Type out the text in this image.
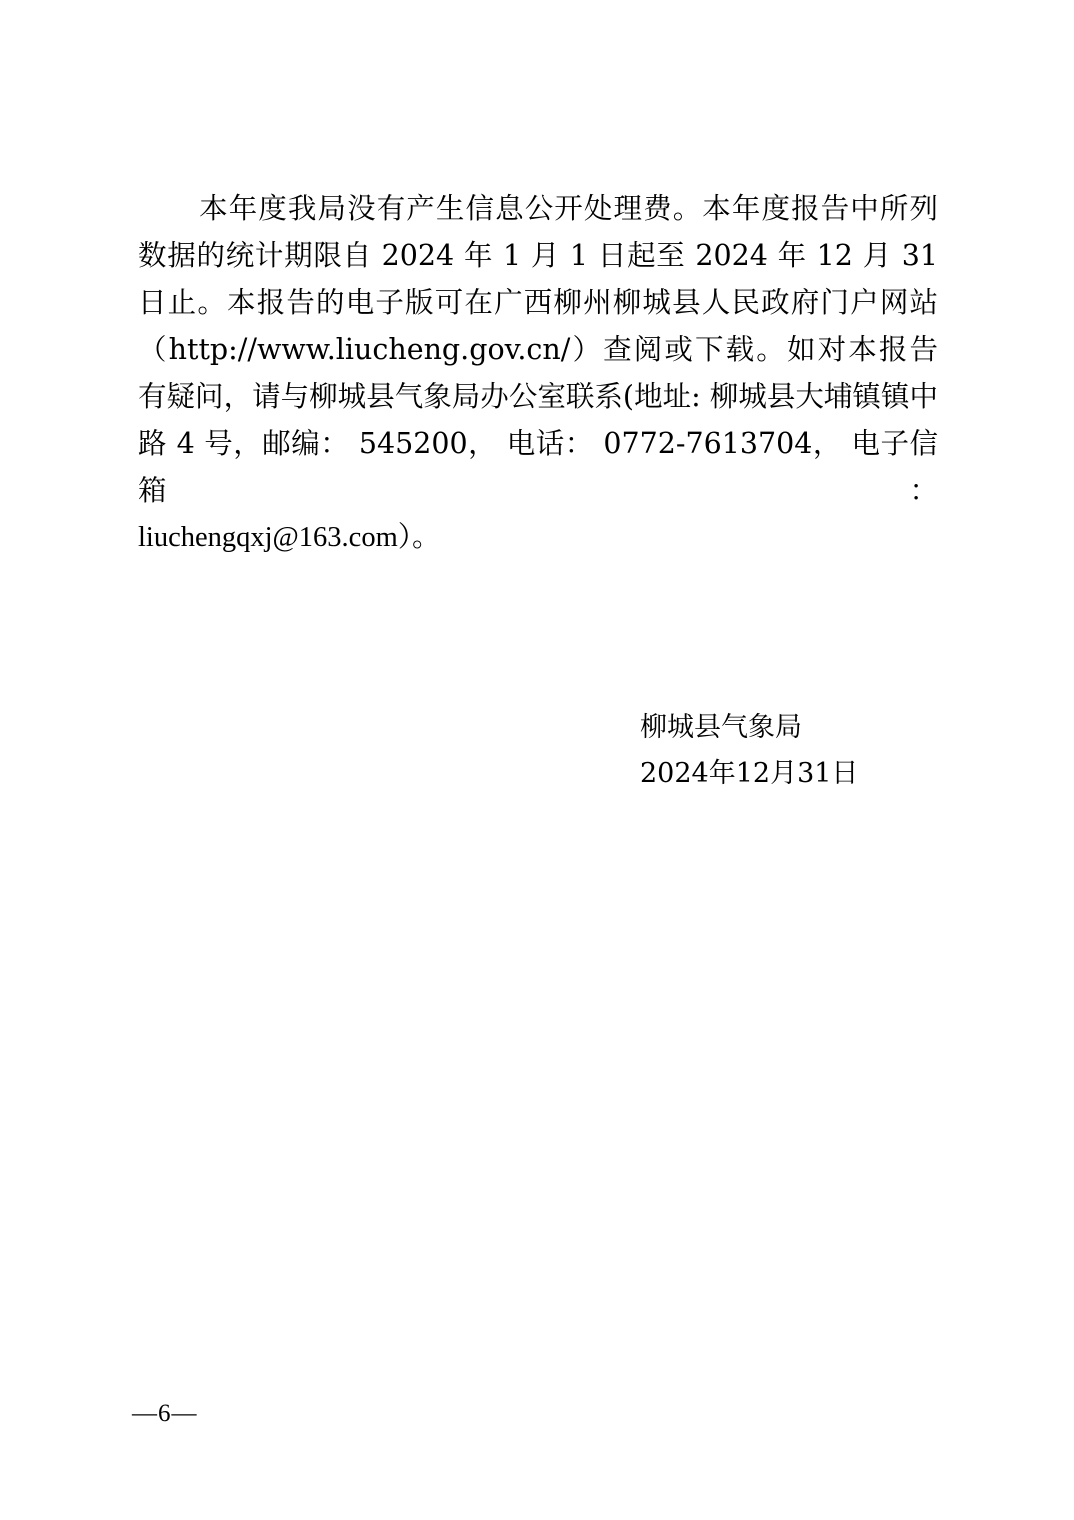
本年度我局没有产生信息公开处理费。本年度报告中所列数据的统计期限自 2024 年 1 月 1 日起至 2024 年 12 月 31 日止。本报告的电子版可在广西柳州柳城县人民政府门户网站（http://www.liucheng.gov.cn/）查阅或下载。如对本报告有疑问，请与柳城县气象局办公室联系(地址: 柳城县大埔镇镇中路 4 号，邮编： 545200， 电话： 0772-7613704， 电子信箱：

liuchengqxj@163.com）。

柳城县气象局
2024年12月31日
—6—
